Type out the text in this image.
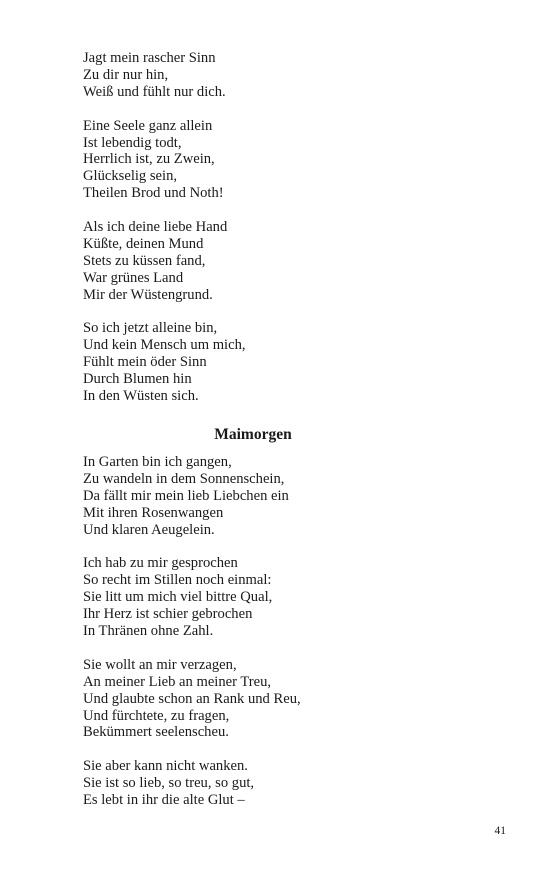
Jagt mein rascher Sinn
Zu dir nur hin,
Weiß und fühlt nur dich.
Eine Seele ganz allein
Ist lebendig todt,
Herrlich ist, zu Zwein,
Glückselig sein,
Theilen Brod und Noth!
Als ich deine liebe Hand
Küßte, deinen Mund
Stets zu küssen fand,
War grünes Land
Mir der Wüstengrund.
So ich jetzt alleine bin,
Und kein Mensch um mich,
Fühlt mein öder Sinn
Durch Blumen hin
In den Wüsten sich.
Maimorgen
In Garten bin ich gangen,
Zu wandeln in dem Sonnenschein,
Da fällt mir mein lieb Liebchen ein
Mit ihren Rosenwangen
Und klaren Aeugelein.
Ich hab zu mir gesprochen
So recht im Stillen noch einmal:
Sie litt um mich viel bittre Qual,
Ihr Herz ist schier gebrochen
In Thränen ohne Zahl.
Sie wollt an mir verzagen,
An meiner Lieb an meiner Treu,
Und glaubte schon an Rank und Reu,
Und fürchtete, zu fragen,
Bekümmert seelenscheu.
Sie aber kann nicht wanken.
Sie ist so lieb, so treu, so gut,
Es lebt in ihr die alte Glut –
41
